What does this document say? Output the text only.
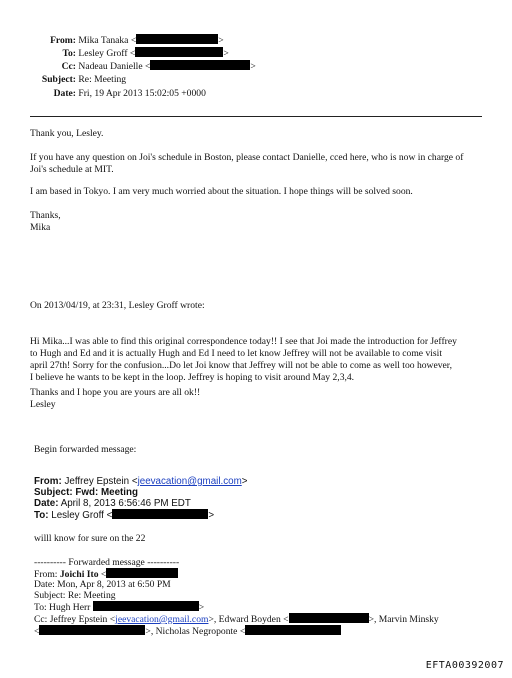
From: Mika Tanaka <	>
To: Lesley Groff <	>
Cc: Nadeau Danielle <	>
Subject: Re: Meeting
Date: Fri, 19 Apr 2013 15:02:05 +0000
Thank you, Lesley.
If you have any question on Joi's schedule in Boston, please contact Danielle, cced here, who is now in charge of
Joi's schedule at MIT.
I am based in Tokyo. I am very much worried about the situation. I hope things will be solved soon.
Thanks,
Mika
On 2013/04/19, at 23:31, Lesley Groff wrote:
Hi Mika...I was able to find this original correspondence today!! I see that Joi made the introduction for Jeffrey
to Hugh and Ed and it is actually Hugh and Ed I need to let know Jeffrey will not be available to come visit
april 27th! Sorry for the confusion...Do let Joi know that Jeffrey will not be able to come as well too however,
I believe he wants to be kept in the loop. Jeffrey is hoping to visit around May 2,3,4.
Thanks and I hope you are yours are all ok!!
Lesley
Begin forwarded message:
From: Jeffrey Epstein <jeevacation@gmail.com>
Subject: Fwd: Meeting
Date: April 8, 2013 6:56:46 PM EDT
To: Lesley Groff <	>
willl know for sure on the 22
---------- Forwarded message ----------
From: Joichi Ito <
Date: Mon, Apr 8, 2013 at 6:50 PM
Subject: Re: Meeting
To: Hugh Herr	>
Cc: Jeffrey Epstein <jeevacation@gmail.com>, Edward Boyden <	>, Marvin Minsky
<	>, Nicholas Negroponte <
EFTA00392007
